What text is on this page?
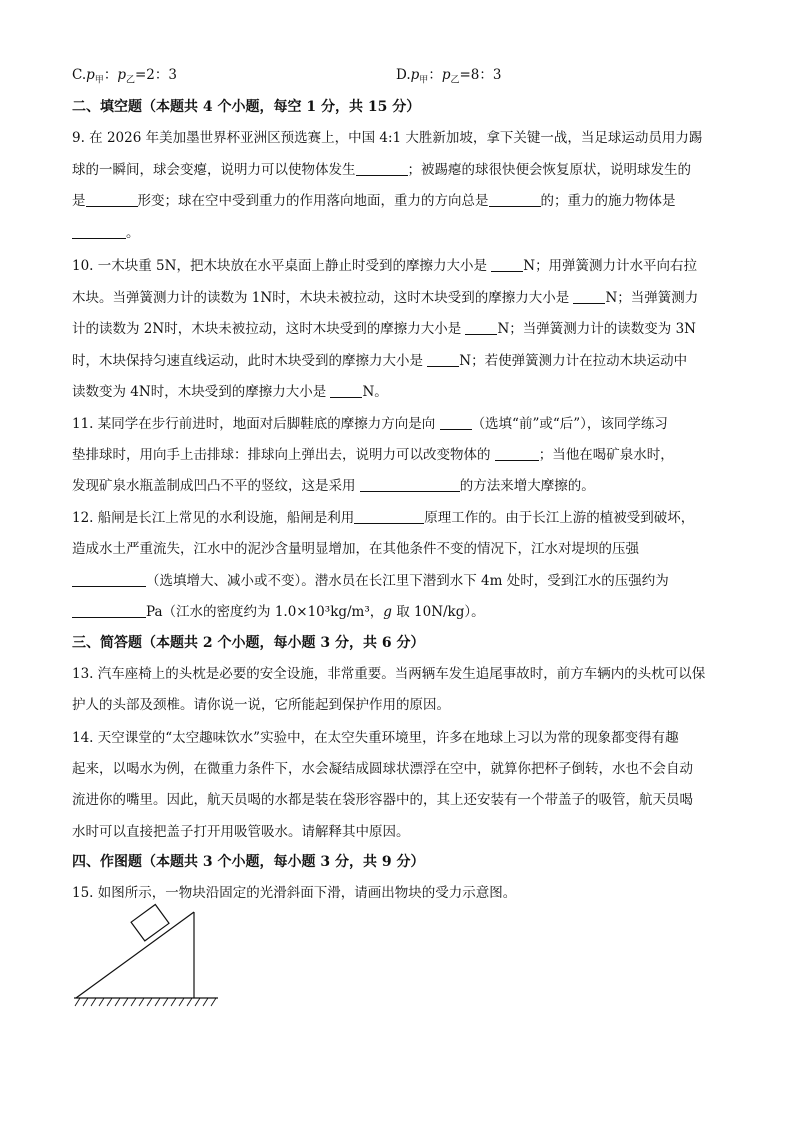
$C.p_甲$：$p_乙=2$：3	$D.p_甲$：$p_乙=8$：3
二、填空题（本题共 4 个小题，每空 1 分，共 15 分）
9. 在 2026 年美加墨世界杯亚洲区预选赛上，中国 4:1 大胜新加坡，拿下关键一战，当足球运动员用力踢
球的一瞬间，球会变瘪，说明力可以使物体发生	；被踢瘪的球很快便会恢复原状，说明球发生的
是	形变；球在空中受到重力的作用落向地面，重力的方向总是	的；重力的施力物体是
。
10. 一木块重 5N，把木块放在水平桌面上静止时受到的摩擦力大小是 N；用弹簧测力计水平向右拉
木块。当弹簧测力计的读数为 1N时，木块未被拉动，这时木块受到的摩擦力大小是 N；当弹簧测力
计的读数为 2N时，木块未被拉动，这时木块受到的摩擦力大小是 N；当弹簧测力计的读数变为 3N
时，木块保持匀速直线运动，此时木块受到的摩擦力大小是 N；若使弹簧测力计在拉动木块运动中
读数变为 4N时，木块受到的摩擦力大小是 N。
11. 某同学在步行前进时，地面对后脚鞋底的摩擦力方向是向 （选填“前”或“后”），该同学练习
垫排球时，用向手上击排球：排球向上弹出去，说明力可以改变物体的	；当他在喝矿泉水时，
发现矿泉水瓶盖制成凹凸不平的竖纹，这是采用	的方法来增大摩擦的。
12. 船闸是长江上常见的水利设施，船闸是利用	原理工作的。由于长江上游的植被受到破坏，
造成水土严重流失，江水中的泥沙含量明显增加，在其他条件不变的情况下，江水对堤坝的压强
（选填增大、减小或不变）。潜水员在长江里下潜到水下 4m 处时，受到江水的压强约为
Pa（江水的密度约为 1.0×10³kg/m³，g 取 10N/kg）。
三、简答题（本题共 2 个小题，每小题 3 分，共 6 分）
13. 汽车座椅上的头枕是必要的安全设施，非常重要。当两辆车发生追尾事故时，前方车辆内的头枕可以保
护人的头部及颈椎。请你说一说，它所能起到保护作用的原因。
14. 天空课堂的“太空趣味饮水”实验中，在太空失重环境里，许多在地球上习以为常的现象都变得有趣
起来，以喝水为例，在微重力条件下，水会凝结成圆球状漂浮在空中，就算你把杯子倒转，水也不会自动
流进你的嘴里。因此，航天员喝的水都是装在袋形容器中的，其上还安装有一个带盖子的吸管，航天员喝
水时可以直接把盖子打开用吸管吸水。请解释其中原因。
四、作图题（本题共 3 个小题，每小题 3 分，共 9 分）
15. 如图所示，一物块沿固定的光滑斜面下滑，请画出物块的受力示意图。
